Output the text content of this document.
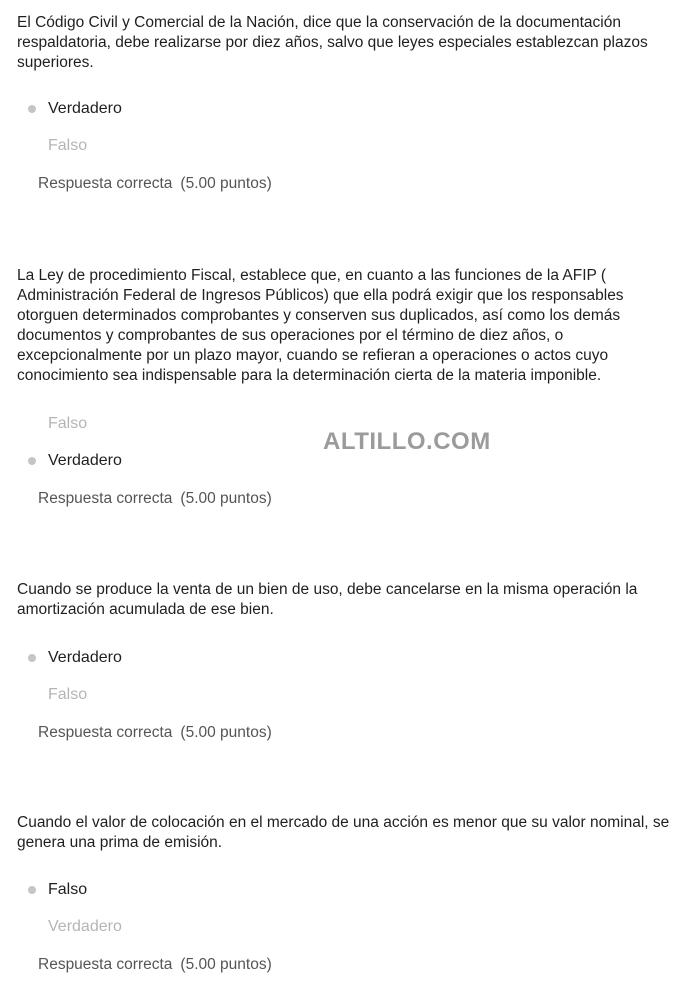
El Código Civil y Comercial de la Nación, dice que la conservación de la documentación respaldatoria, debe realizarse por diez años, salvo que leyes especiales establezcan plazos superiores.

Verdadero
Falso
Respuesta correcta (5.00 puntos)

La Ley de procedimiento Fiscal, establece que, en cuanto a las funciones de la AFIP ( Administración Federal de Ingresos Públicos) que ella podrá exigir que los responsables otorguen determinados comprobantes y conserven sus duplicados, así como los demás documentos y comprobantes de sus operaciones por el término de diez años, o excepcionalmente por un plazo mayor, cuando se refieran a operaciones o actos cuyo conocimiento sea indispensable para la determinación cierta de la materia imponible.

Falso
Verdadero
Respuesta correcta (5.00 puntos)
ALTILLO.COM

Cuando se produce la venta de un bien de uso, debe cancelarse en la misma operación la amortización acumulada de ese bien.

Verdadero
Falso
Respuesta correcta (5.00 puntos)

Cuando el valor de colocación en el mercado de una acción es menor que su valor nominal, se genera una prima de emisión.

Falso
Verdadero
Respuesta correcta (5.00 puntos)
